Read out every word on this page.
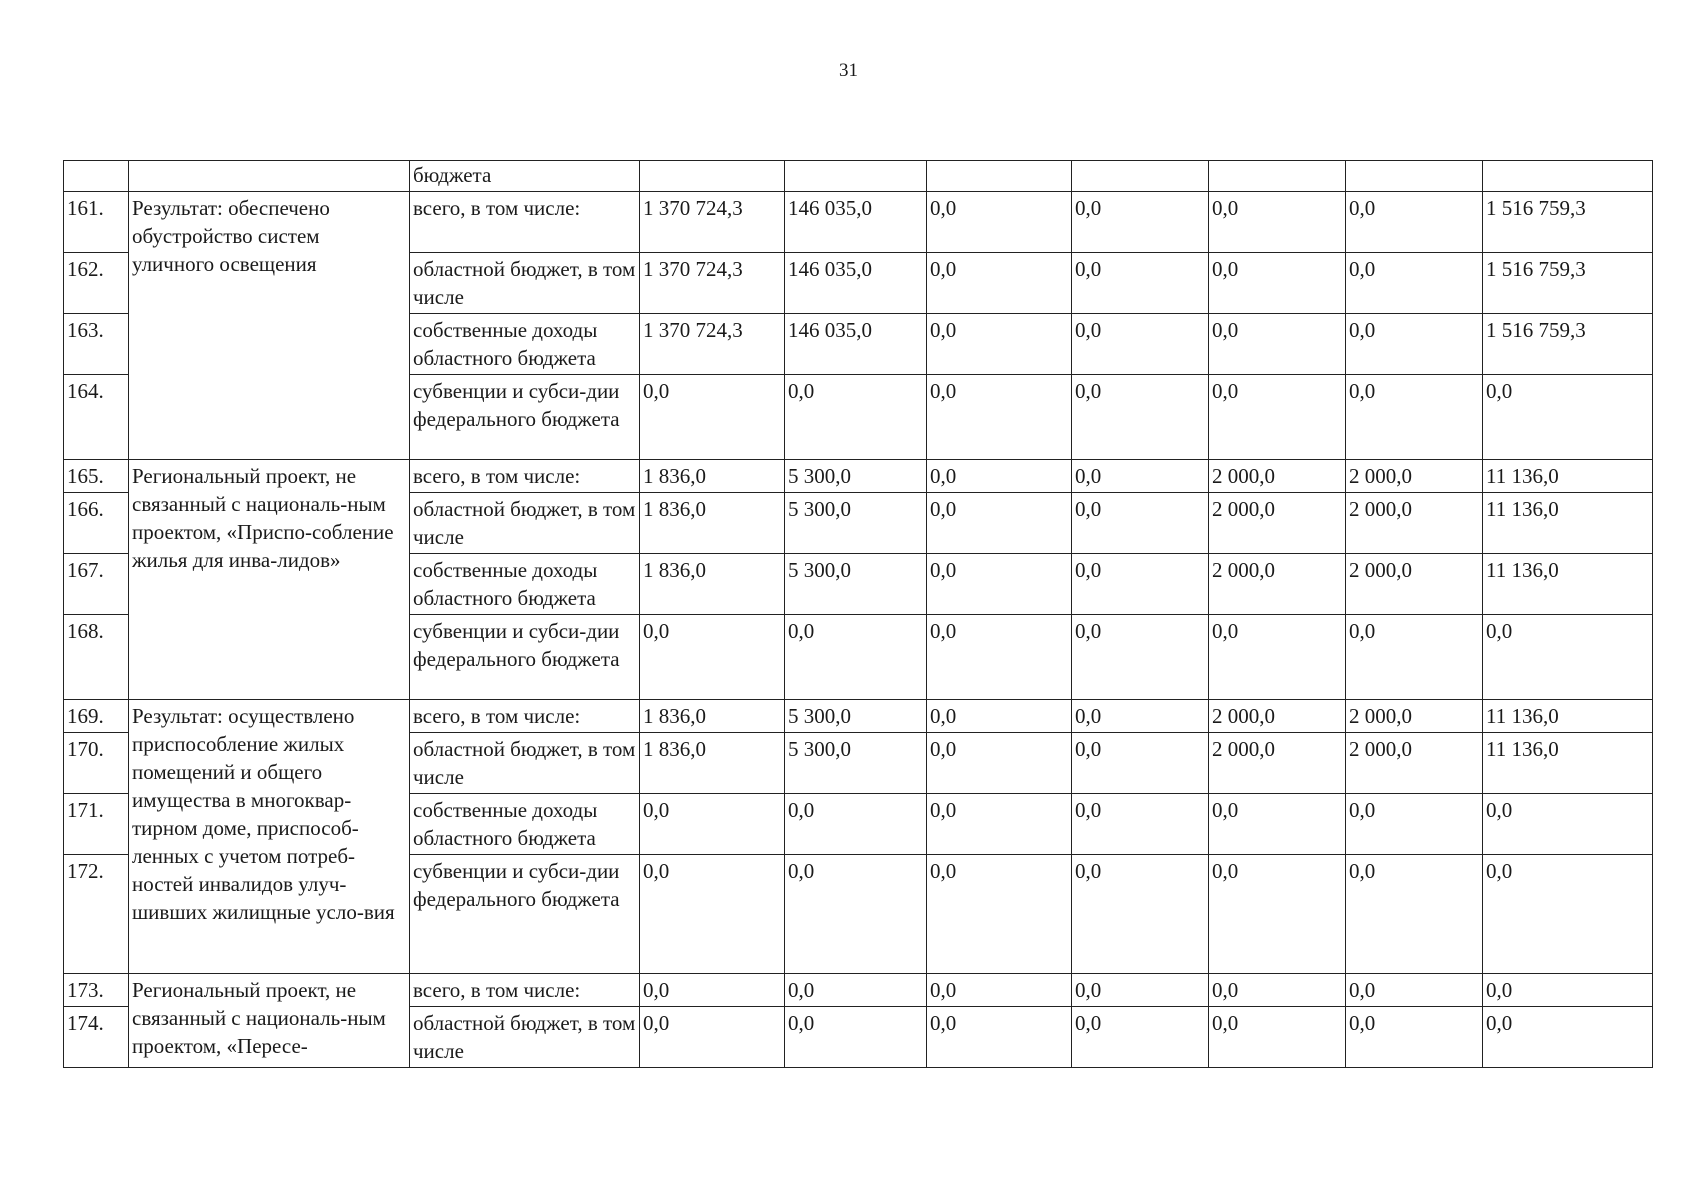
31
		бюджета							
161.	Результат: обеспечено обустройство систем уличного освещения	всего, в том числе:	1 370 724,3	146 035,0	0,0	0,0	0,0	0,0	1 516 759,3
162.		областной бюджет, в том числе	1 370 724,3	146 035,0	0,0	0,0	0,0	0,0	1 516 759,3
163.		собственные доходы областного бюджета	1 370 724,3	146 035,0	0,0	0,0	0,0	0,0	1 516 759,3
164.		субвенции и субси-дии федерального бюджета	0,0	0,0	0,0	0,0	0,0	0,0	0,0
165.	Региональный проект, не связанный с националь-ным проектом, «Приспо-собление жилья для инва-лидов»	всего, в том числе:	1 836,0	5 300,0	0,0	0,0	2 000,0	2 000,0	11 136,0
166.		областной бюджет, в том числе	1 836,0	5 300,0	0,0	0,0	2 000,0	2 000,0	11 136,0
167.		собственные доходы областного бюджета	1 836,0	5 300,0	0,0	0,0	2 000,0	2 000,0	11 136,0
168.		субвенции и субси-дии федерального бюджета	0,0	0,0	0,0	0,0	0,0	0,0	0,0
169.	Результат: осуществлено приспособление жилых помещений и общего имущества в многоквар-тирном доме, приспособ-ленных с учетом потреб-ностей инвалидов улуч-шивших жилищные усло-вия	всего, в том числе:	1 836,0	5 300,0	0,0	0,0	2 000,0	2 000,0	11 136,0
170.		областной бюджет, в том числе	1 836,0	5 300,0	0,0	0,0	2 000,0	2 000,0	11 136,0
171.		собственные доходы областного бюджета	0,0	0,0	0,0	0,0	0,0	0,0	0,0
172.		субвенции и субси-дии федерального бюджета	0,0	0,0	0,0	0,0	0,0	0,0	0,0
173.	Региональный проект, не связанный с националь-ным проектом, «Пересе-	всего, в том числе:	0,0	0,0	0,0	0,0	0,0	0,0	0,0
174.		областной бюджет, в том числе	0,0	0,0	0,0	0,0	0,0	0,0	0,0
